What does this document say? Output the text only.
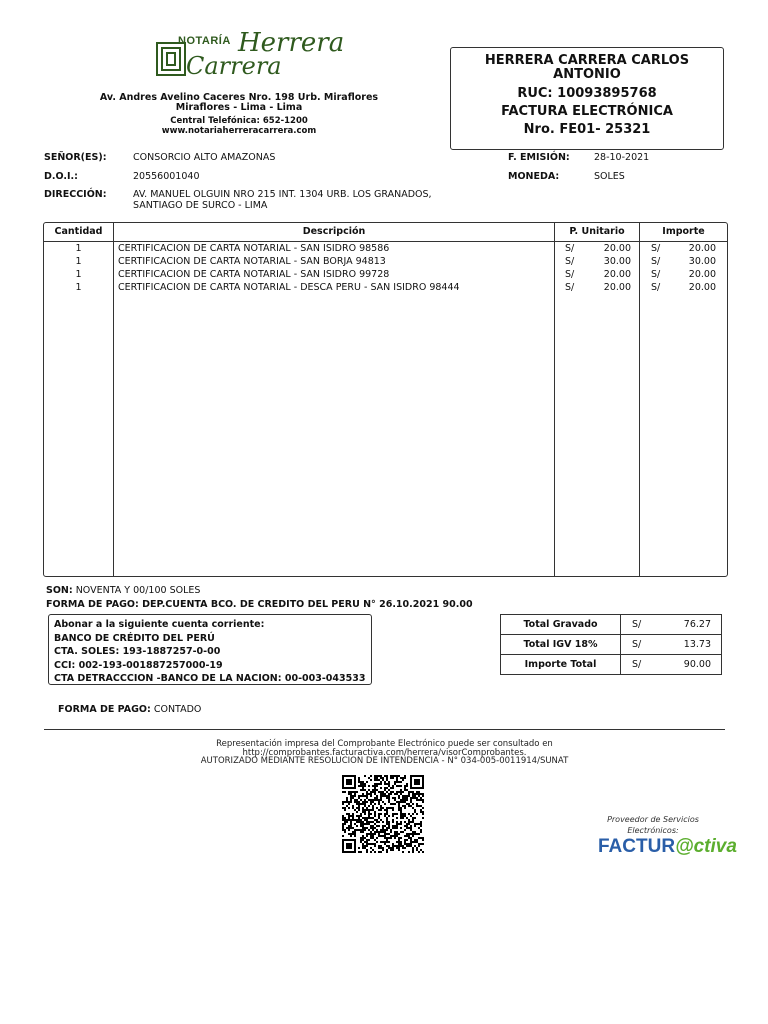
NOTARÍA Herrera
Carrera
Av. Andres Avelino Caceres Nro. 198 Urb. Miraflores
Miraflores - Lima - Lima
Central Telefónica: 652-1200
www.notariaherreracarrera.com
HERRERA CARRERA CARLOS
ANTONIO
RUC: 10093895768
FACTURA ELECTRÓNICA
Nro. FE01- 25321
SEÑOR(ES):	CONSORCIO ALTO AMAZONAS
D.O.I.:	20556001040
DIRECCIÓN:	AV. MANUEL OLGUIN NRO 215 INT. 1304 URB. LOS GRANADOS,
SANTIAGO DE SURCO - LIMA
F. EMISIÓN:	28-10-2021
MONEDA:	SOLES
Cantidad	Descripción	P. Unitario	Importe
1	CERTIFICACION DE CARTA NOTARIAL - SAN ISIDRO 98586	S/	20.00 S/	20.00
1	CERTIFICACION DE CARTA NOTARIAL - SAN BORJA 94813	S/	30.00 S/	30.00
1	CERTIFICACION DE CARTA NOTARIAL - SAN ISIDRO 99728	S/	20.00 S/	20.00
1	CERTIFICACION DE CARTA NOTARIAL - DESCA PERU - SAN ISIDRO 98444	S/	20.00 S/	20.00
SON: NOVENTA Y 00/100 SOLES
FORMA DE PAGO: DEP.CUENTA BCO. DE CREDITO DEL PERU N° 26.10.2021 90.00
Abonar a la siguiente cuenta corriente:
BANCO DE CRÉDITO DEL PERÚ
CTA. SOLES: 193-1887257-0-00
CCI: 002-193-001887257000-19
CTA DETRACCCION -BANCO DE LA NACION: 00-003-043533
Total Gravado	S/	76.27
Total IGV 18%	S/	13.73
Importe Total	S/	90.00
FORMA DE PAGO: CONTADO
Representación impresa del Comprobante Electrónico puede ser consultado en
http://comprobantes.facturactiva.com/herrera/visorComprobantes.
AUTORIZADO MEDIANTE RESOLUCION DE INTENDENCIA - N° 034-005-0011914/SUNAT
Proveedor de Servicios
Electrónicos:
FACTUR@ctiva
